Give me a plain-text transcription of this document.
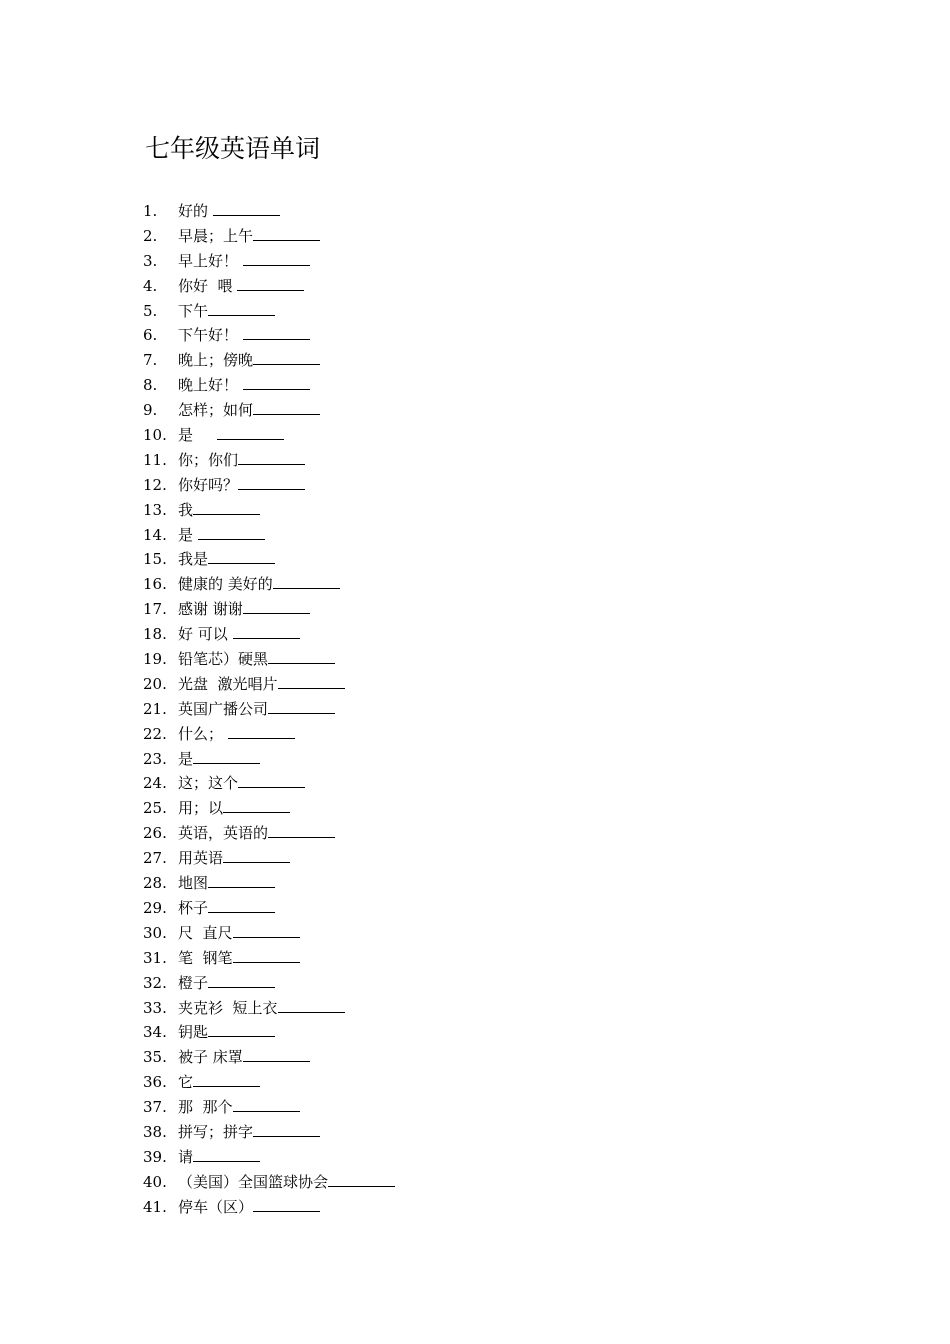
七年级英语单词
1. 好的
2. 早晨；上午
3. 早上好！
4. 你好  喂
5. 下午
6. 下午好！
7. 晚上；傍晚
8. 晚上好！
9. 怎样；如何
10. 是
11. 你；你们
12. 你好吗？
13. 我
14. 是
15. 我是
16. 健康的 美好的
17. 感谢 谢谢
18. 好 可以
19. 铅笔芯）硬黑
20. 光盘  激光唱片
21. 英国广播公司
22. 什么；
23. 是
24. 这；这个
25. 用；以
26. 英语，英语的
27. 用英语
28. 地图
29. 杯子
30. 尺  直尺
31. 笔  钢笔
32. 橙子
33. 夹克衫  短上衣
34. 钥匙
35. 被子 床罩
36. 它
37. 那  那个
38. 拼写；拼字
39. 请
40. （美国）全国篮球协会
41. 停车（区）
